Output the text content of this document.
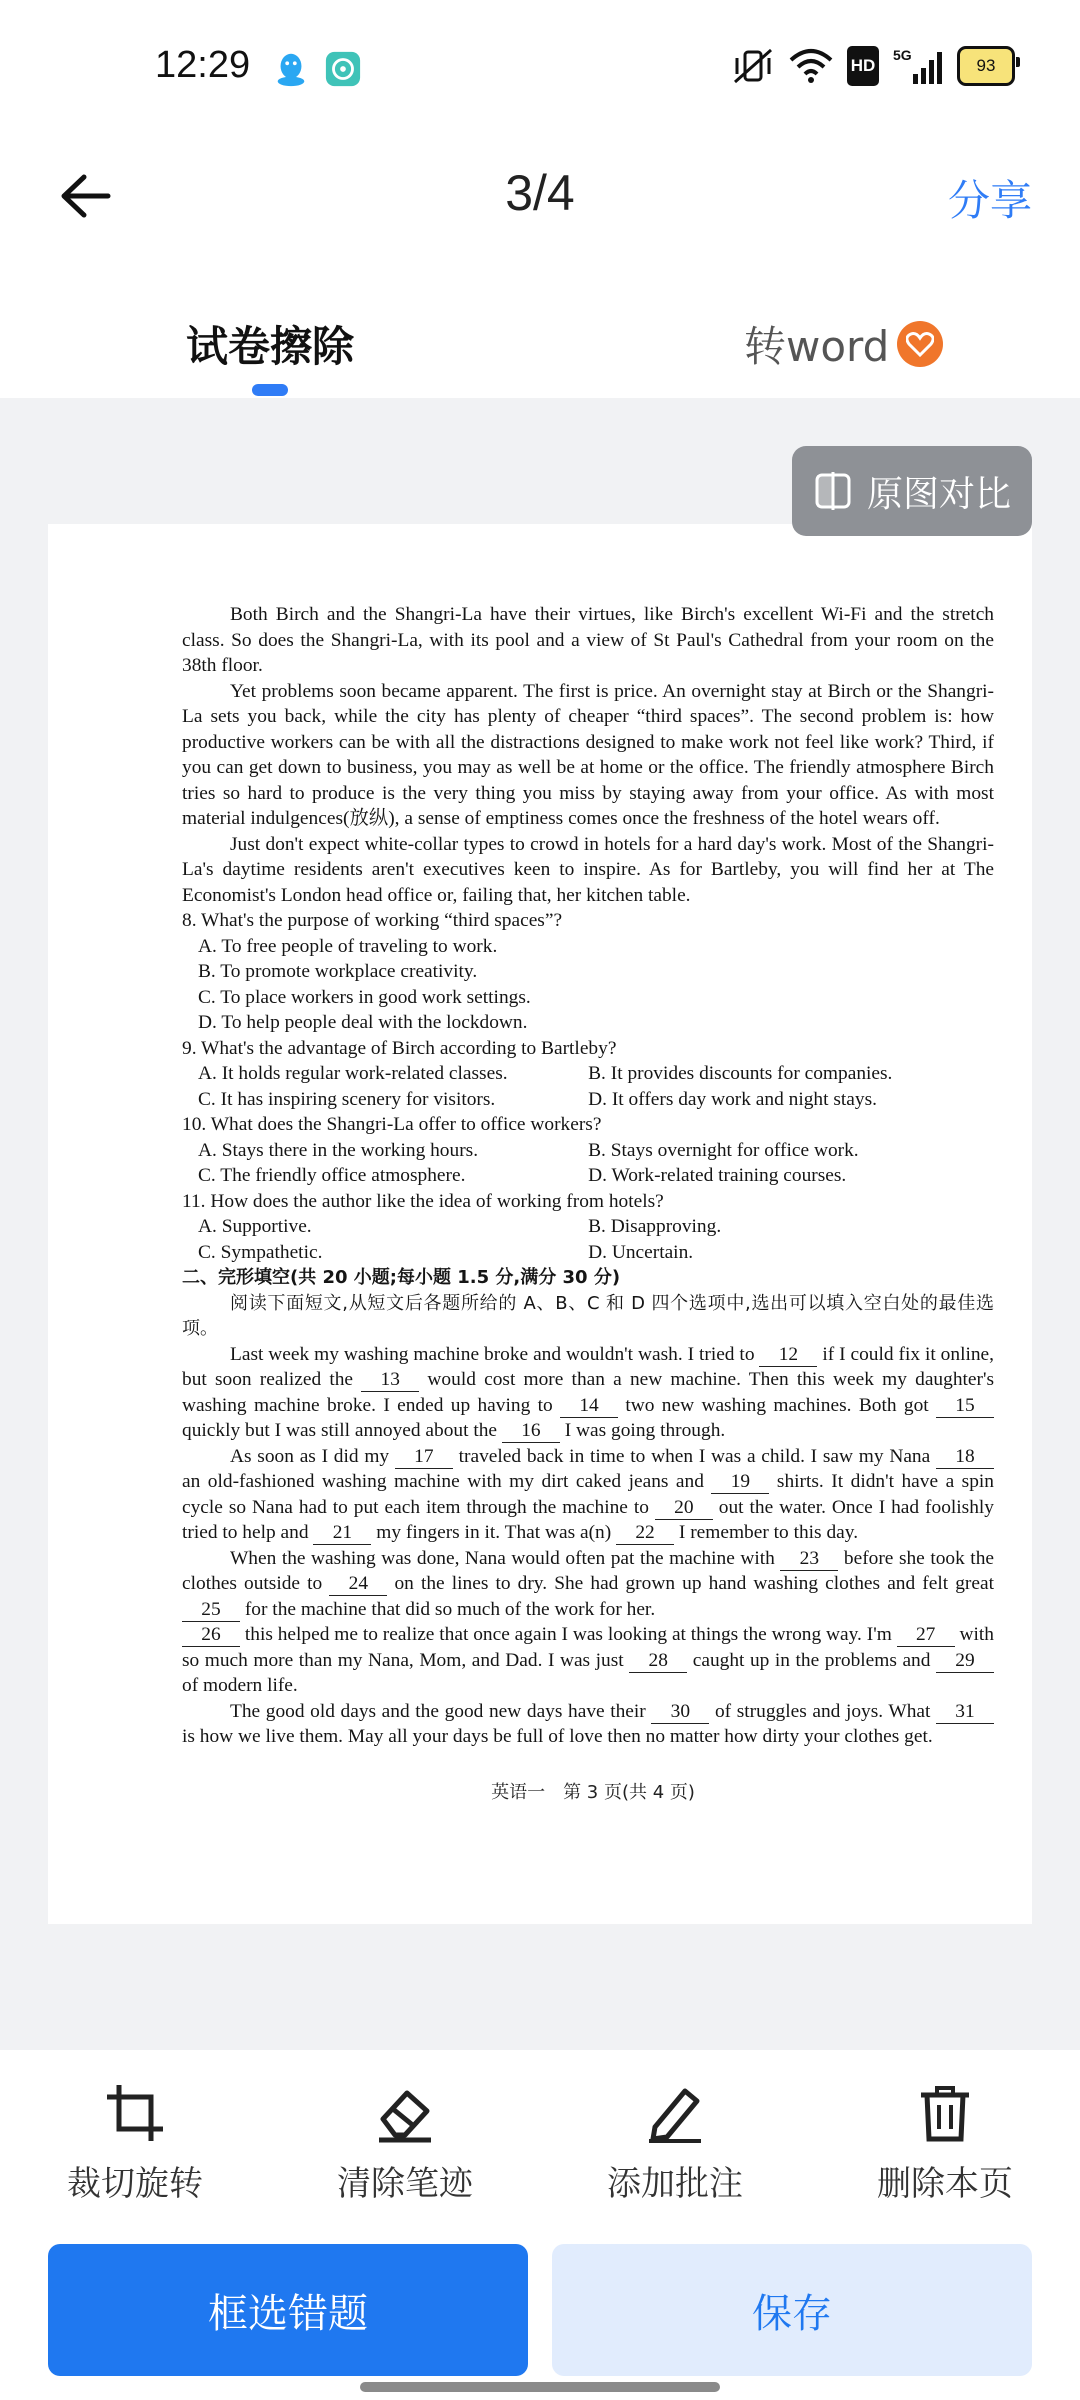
12:29	HD
5G
93
3/4	分享
试卷擦除	转word

Both Birch and the Shangri-La have their virtues, like Birch's excellent Wi-Fi and the stretch class. So does the Shangri-La, with its pool and a view of St Paul's Cathedral from your room on the 38th floor.

Yet problems soon became apparent. The first is price. An overnight stay at Birch or the Shangri-La sets you back, while the city has plenty of cheaper “third spaces”. The second problem is: how productive workers can be with all the distractions designed to make work not feel like work? Third, if you can get down to business, you may as well be at home or the office. The friendly atmosphere Birch tries so hard to produce is the very thing you miss by staying away from your office. As with most material indulgences(放纵), a sense of emptiness comes once the freshness of the hotel wears off.

Just don't expect white-collar types to crowd in hotels for a hard day's work. Most of the Shangri-La's daytime residents aren't executives keen to inspire. As for Bartleby, you will find her at The Economist's London head office or, failing that, her kitchen table.

8. What's the purpose of working “third spaces”?

A. To free people of traveling to work.

B. To promote workplace creativity.

C. To place workers in good work settings.

D. To help people deal with the lockdown.

9. What's the advantage of Birch according to Bartleby?

A. It holds regular work-related classes.	B. It provides discounts for companies.
C. It has inspiring scenery for visitors.	D. It offers day work and night stays.

10. What does the Shangri-La offer to office workers?

A. Stays there in the working hours.	B. Stays overnight for office work.
C. The friendly office atmosphere.	D. Work-related training courses.

11. How does the author like the idea of working from hotels?

A. Supportive.	B. Disapproving.
C. Sympathetic.	D. Uncertain.

二、完形填空(共 20 小题;每小题 1.5 分,满分 30 分)

阅读下面短文,从短文后各题所给的 A、B、C 和 D 四个选项中,选出可以填入空白处的最佳选项。

Last week my washing machine broke and wouldn't wash. I tried to 12 if I could fix it online, but soon realized the 13 would cost more than a new machine. Then this week my daughter's washing machine broke. I ended up having to 14 two new washing machines. Both got 15 quickly but I was still annoyed about the 16 I was going through.

As soon as I did my 17 traveled back in time to when I was a child. I saw my Nana 18 an old-fashioned washing machine with my dirt caked jeans and 19 shirts. It didn't have a spin cycle so Nana had to put each item through the machine to 20 out the water. Once I had foolishly tried to help and 21 my fingers in it. That was a(n) 22 I remember to this day.

When the washing was done, Nana would often pat the machine with 23 before she took the clothes outside to 24 on the lines to dry. She had grown up hand washing clothes and felt great 25 for the machine that did so much of the work for her.

26 this helped me to realize that once again I was looking at things the wrong way. I'm 27 with so much more than my Nana, Mom, and Dad. I was just 28 caught up in the problems and 29 of modern life.

The good old days and the good new days have their 30 of struggles and joys. What 31 is how we live them. May all your days be full of love then no matter how dirty your clothes get.

英语一　第 3 页(共 4 页)
原图对比
裁切旋转	清除笔迹	添加批注	删除本页
框选错题	保存
